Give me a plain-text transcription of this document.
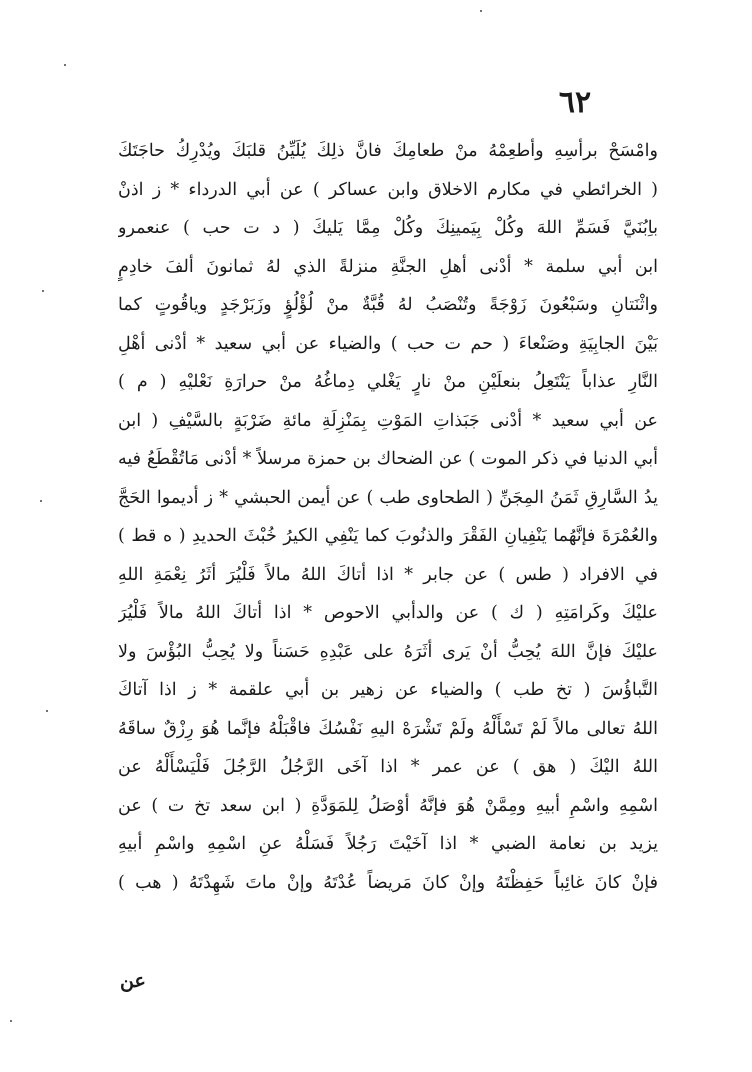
٦٢
وامْسَحْ برأسِهِ وأطعِمْهُ منْ طعامِكَ فانَّ ذلِكَ يُلَيِّنُ قلبَكَ ويُدْرِكُ حاجَتَكَ
( الخرائطي في مكارم الاخلاق وابن عساكر ) عن أبي الدرداء * ز اذنْ
باِبُنَيَّ فَسَمِّ اللهَ وكُلْ بِيَمينِكَ وكُلْ مِمَّا يَليكَ ( د ت حب ) عنعمرو
ابن أبي سلمة * أدْنى أهلِ الجنَّةِ منزلةً الذي لهُ ثمانونَ ألفَ خادِمٍ
واثْنَتانِ وسَبْعُونَ زَوْجَةً وتُنْصَبُ لهُ قُبَّةٌ منْ لُؤْلُؤٍ وزَبَرْجَدٍ وياقُوتٍ كما
بَيْنَ الجابِيَةِ وصَنْعاءَ ( حم ت حب ) والضياء عن أبي سعيد * أدْنى أهْلِ
النَّارِ عذاباً يَنْتَعِلُ بنعلَيْنِ منْ نارٍ يَغْلي دِماغُهُ منْ حرارَةِ نَعْليْهِ ( م )
عن أبي سعيد * أدْنى جَبَذاتِ المَوْتِ بِمَنْزِلَةِ مائةِ ضَرْبَةٍ بالسَّيْفِ ( ابن
أبي الدنيا في ذكر الموت ) عن الضحاك بن حمزة مرسلاً * أدْنى مَاتُقْطَعُ فيه
يدُ السَّارِقِ ثَمَنُ المِجَنِّ ( الطحاوى طب ) عن أيمن الحبشي * ز أديموا الحَجَّ
والعُمْرَةَ فإنَّهُما يَنْفِيانِ الفَقْرَ والذنُوبَ كما يَنْفِي الكيرُ خُبْثَ الحديدِ ( ه قط )
في الافراد ( طس ) عن جابر * اذا أتاكَ اللهُ مالاً فَلْيُرَ أثَرُ نِعْمَةِ اللهِ
عليْكَ وكَرامَتِهِ ( ك ) عن والدأبي الاحوص * اذا أتاكَ اللهُ مالاً فَلْيُرَ
عليْكَ فإنَّ اللهَ يُحِبُّ أنْ يَرى أثَرَهُ على عَبْدِهِ حَسَناً ولا يُحِبُّ البُؤْسَ ولا
التَّباؤُسَ ( تخ طب ) والضياء عن زهير بن أبي علقمة * ز اذا آتاكَ
اللهُ تعالى مالاً لَمْ تَسْأَلْهُ ولَمْ تَشْرَهْ اليهِ نَفْسُكَ فاقْبَلْهُ فإنَّما هُوَ رِزْقٌ ساقَهُ
اللهُ اليْكَ ( هق ) عن عمر * اذا آخَى الرَّجُلُ الرَّجُلَ فَلْيَسْأَلْهُ عن
اسْمِهِ واسْمِ أبيهِ ومِمَّنْ هُوَ فإنَّهُ أوْصَلُ لِلمَوَدَّةِ ( ابن سعد تخ ت ) عن
يزيد بن نعامة الضبي * اذا آخَيْتَ رَجُلاً فَسَلْهُ عنِ اسْمِهِ واسْمِ أبيهِ
فإنْ كانَ غائِباً حَفِظْتَهُ وإنْ كانَ مَريضاً عُدْتَهُ وإنْ ماتَ شَهِدْتَهُ ( هب )
عن
